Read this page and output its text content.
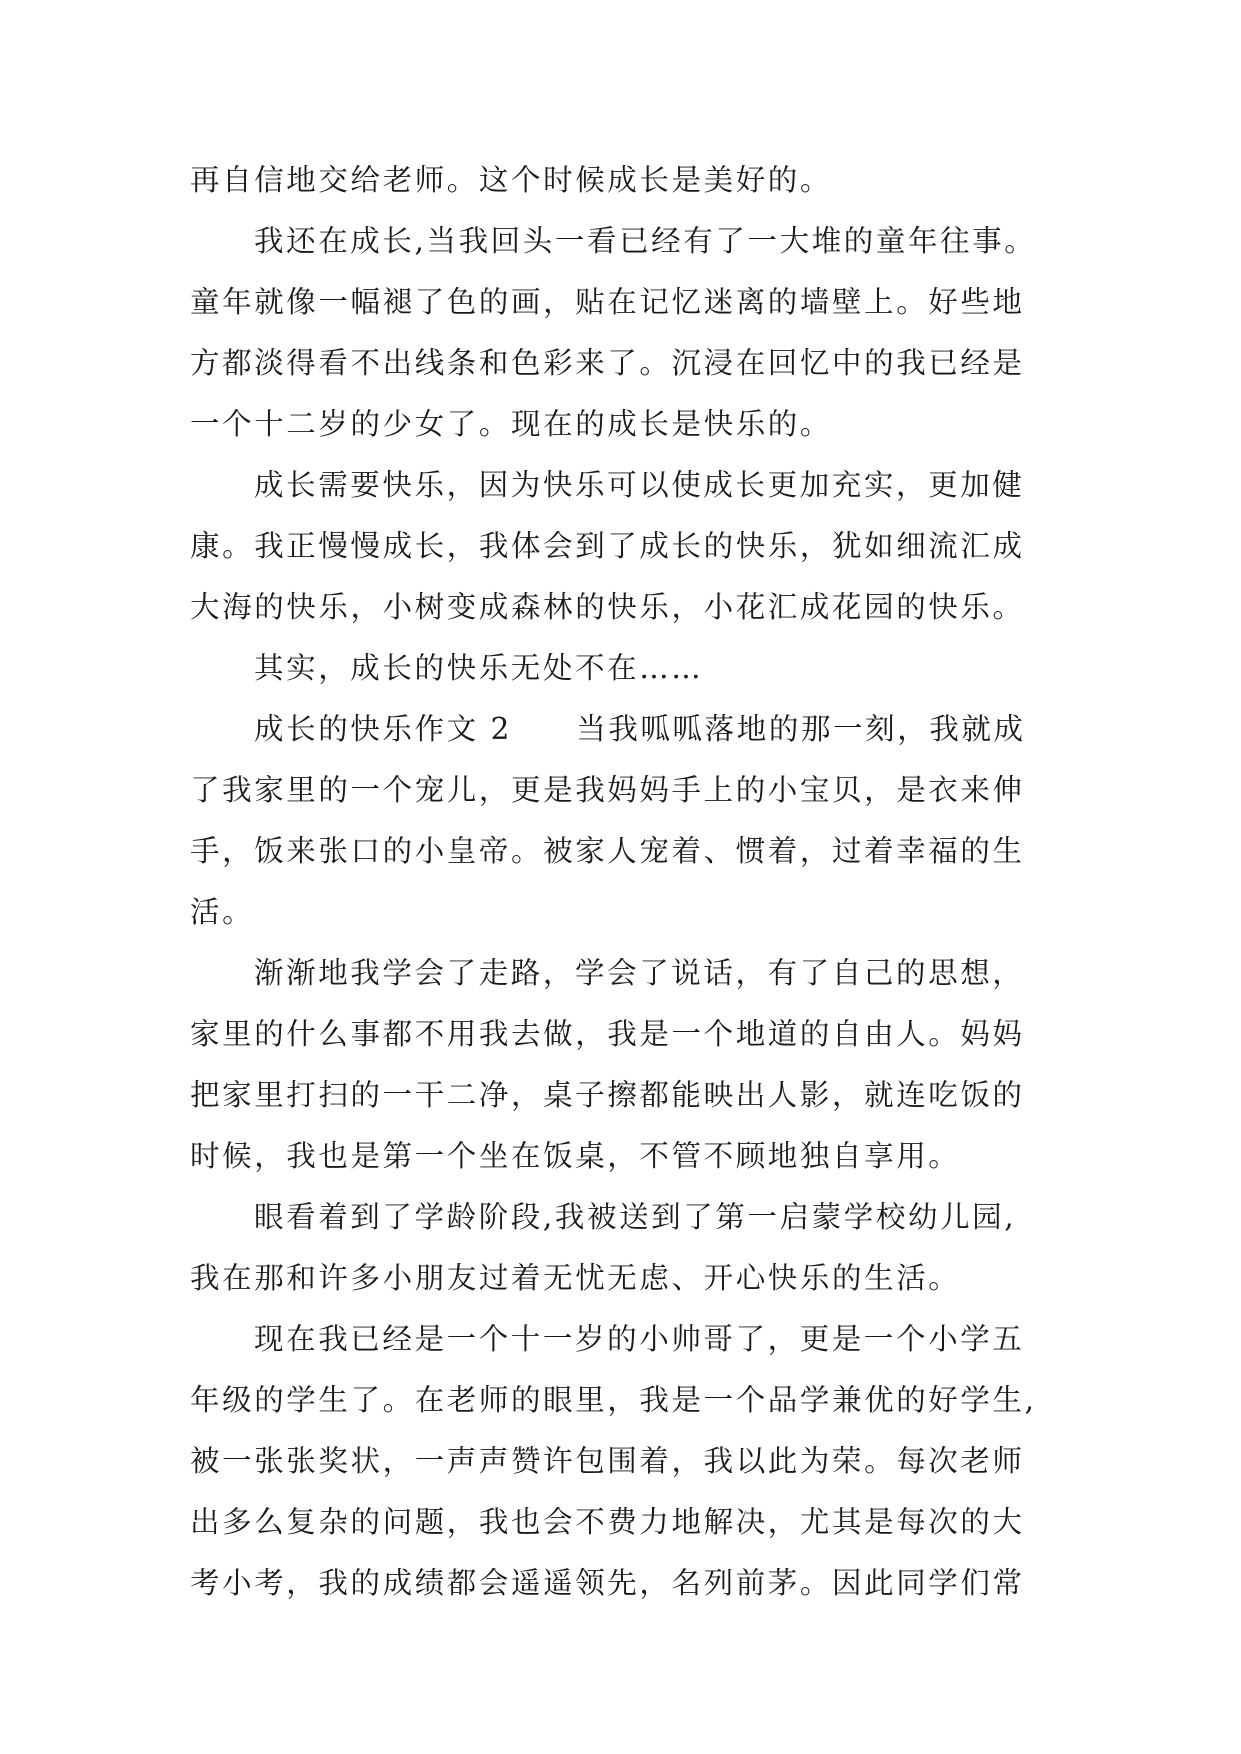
再自信地交给老师。这个时候成长是美好的。
我还在成长,当我回头一看已经有了一大堆的童年往事。
童年就像一幅褪了色的画，贴在记忆迷离的墙壁上。好些地
方都淡得看不出线条和色彩来了。沉浸在回忆中的我已经是
一个十二岁的少女了。现在的成长是快乐的。
成长需要快乐，因为快乐可以使成长更加充实，更加健
康。我正慢慢成长，我体会到了成长的快乐，犹如细流汇成
大海的快乐，小树变成森林的快乐，小花汇成花园的快乐。
其实，成长的快乐无处不在……
成长的快乐作文 2　　当我呱呱落地的那一刻，我就成
了我家里的一个宠儿，更是我妈妈手上的小宝贝，是衣来伸
手，饭来张口的小皇帝。被家人宠着、惯着，过着幸福的生
活。
渐渐地我学会了走路，学会了说话，有了自己的思想，
家里的什么事都不用我去做，我是一个地道的自由人。妈妈
把家里打扫的一干二净，桌子擦都能映出人影，就连吃饭的
时候，我也是第一个坐在饭桌，不管不顾地独自享用。
眼看着到了学龄阶段,我被送到了第一启蒙学校幼儿园,
我在那和许多小朋友过着无忧无虑、开心快乐的生活。
现在我已经是一个十一岁的小帅哥了，更是一个小学五
年级的学生了。在老师的眼里，我是一个品学兼优的好学生,
被一张张奖状，一声声赞许包围着，我以此为荣。每次老师
出多么复杂的问题，我也会不费力地解决，尤其是每次的大
考小考，我的成绩都会遥遥领先，名列前茅。因此同学们常
